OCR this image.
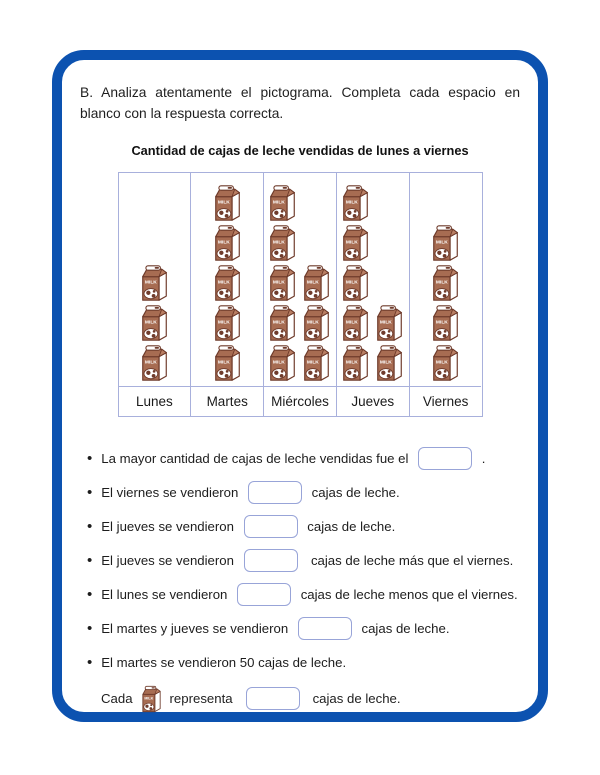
B. Analiza atentamente el pictograma. Completa cada espacio en blanco con la respuesta correcta.

Cantidad de cajas de leche vendidas de lunes a viernes
Lunes	Martes	Miércoles	Jueves	Viernes
• La mayor cantidad de cajas de leche vendidas fue el	.
• El viernes se vendieron	cajas de leche.
• El jueves se vendieron	cajas de leche.
• El jueves se vendieron	cajas de leche más que el viernes.
• El lunes se vendieron	cajas de leche menos que el viernes.
• El martes y jueves se vendieron	cajas de leche.
• El martes se vendieron 50 cajas de leche.
Cada	representa	cajas de leche.
